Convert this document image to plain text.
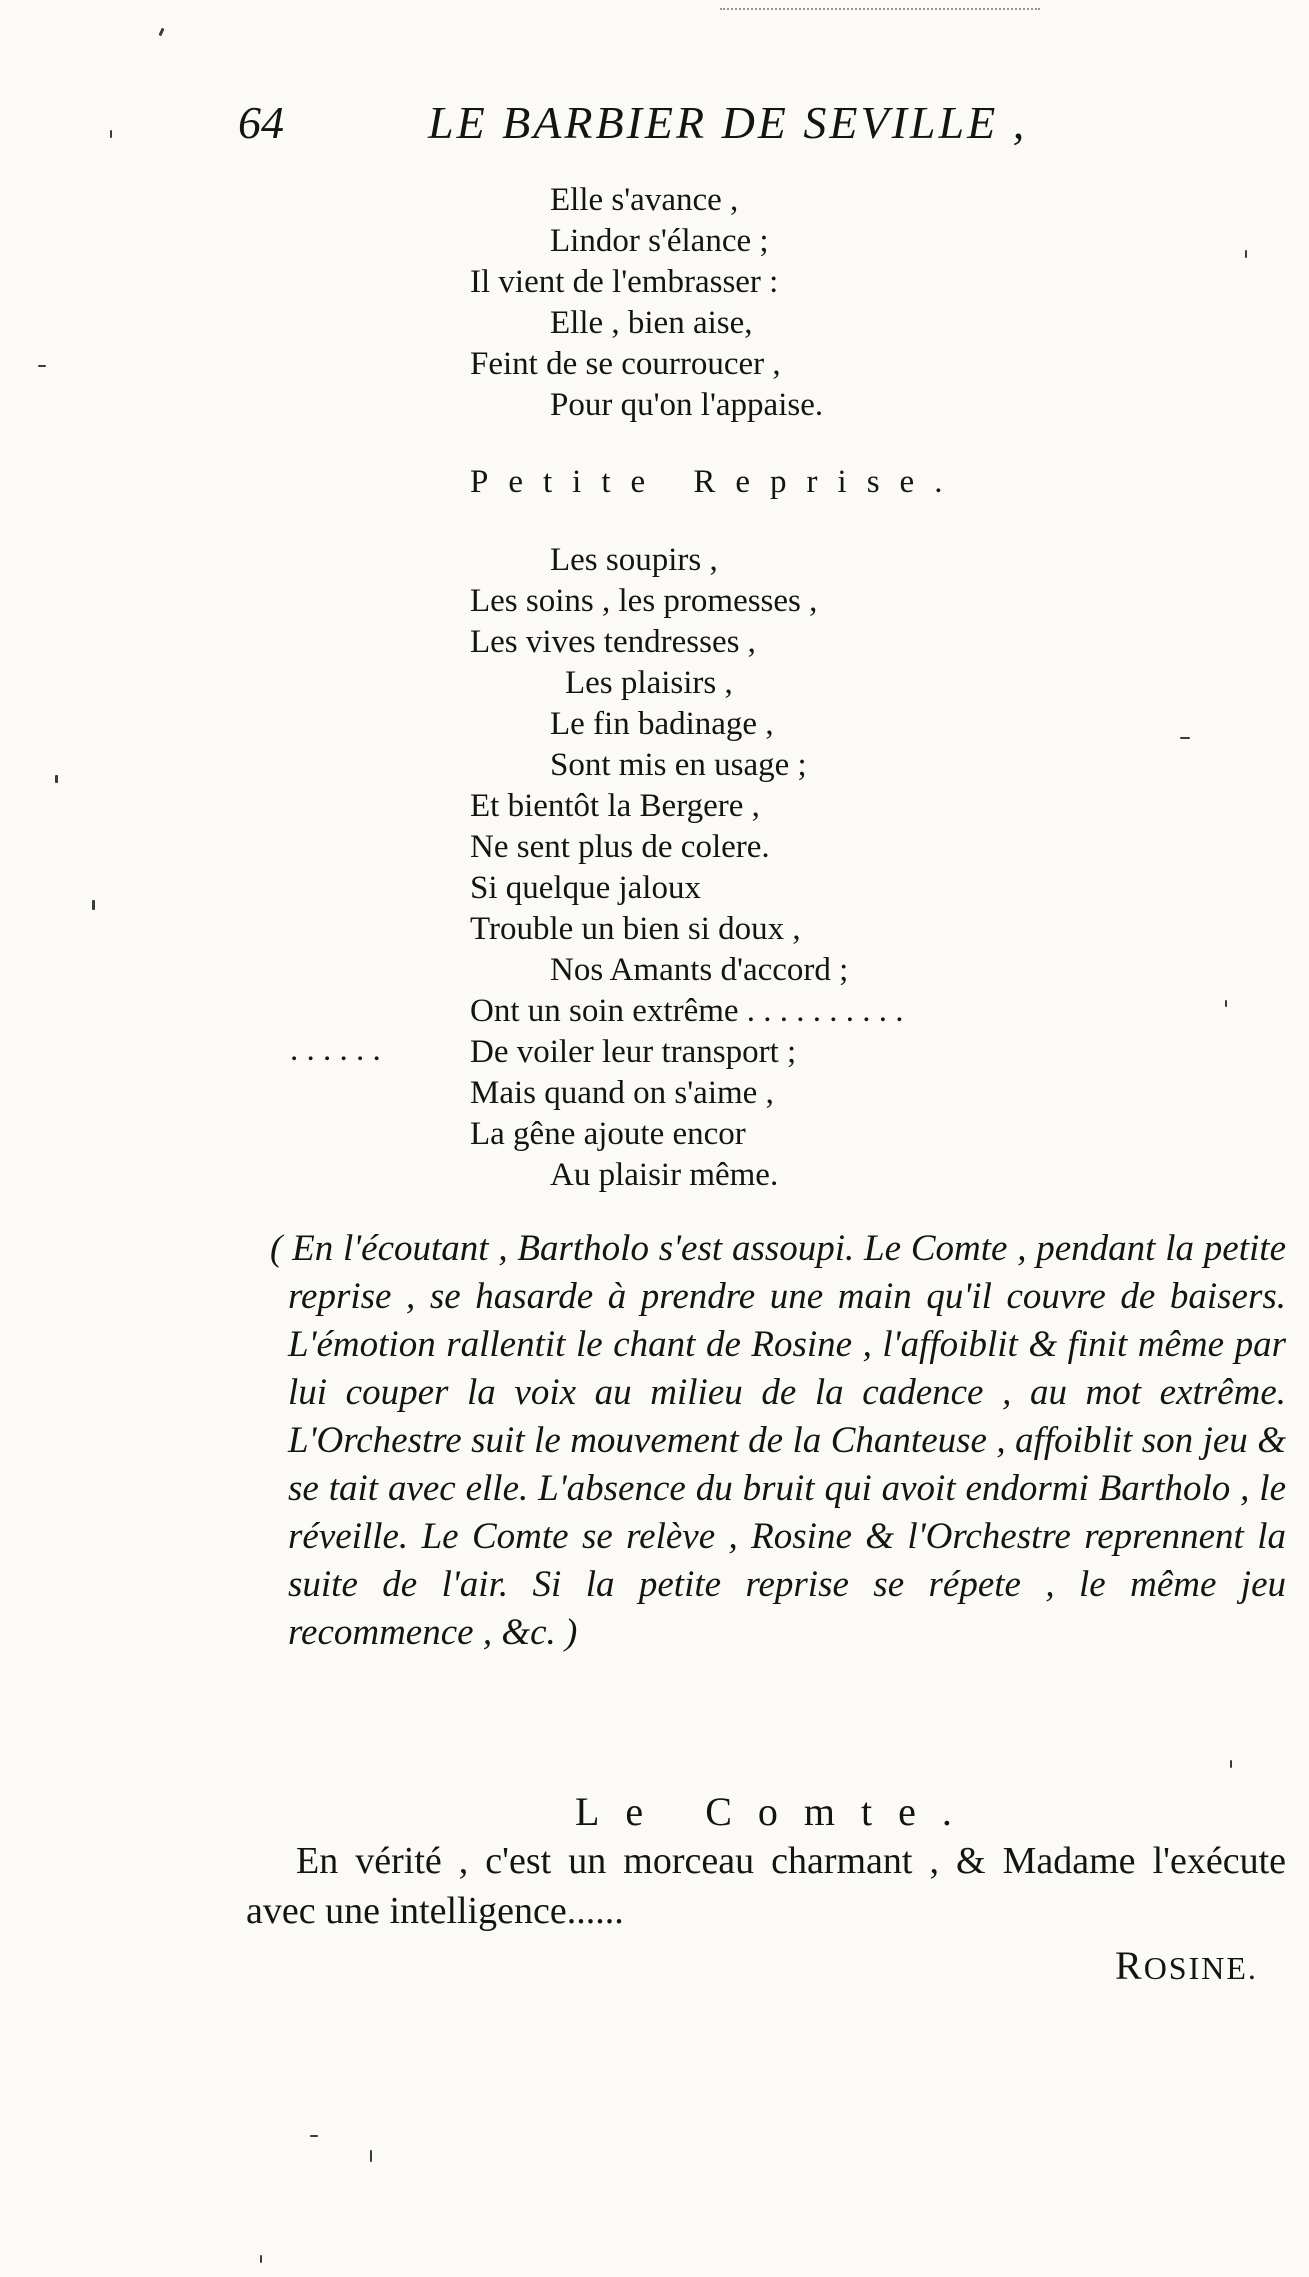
64	LE BARBIER DE SEVILLE ,
Elle s'avance ,
Lindor s'élance ;
Il vient de l'embrasser :
Elle , bien aise,
Feint de se courroucer ,
Pour qu'on l'appaise.
Petite Reprise.
Les soupirs ,
Les soins , les promesses ,
Les vives tendresses ,
Les plaisirs ,
Le fin badinage ,
Sont mis en usage ;
Et bientôt la Bergere ,
Ne sent plus de colere.
Si quelque jaloux
Trouble un bien si doux ,
Nos Amants d'accord ;
Ont un soin extrême . . . . . . . . . .
De voiler leur transport ;
Mais quand on s'aime ,
La gêne ajoute encor
Au plaisir même.
. . . . . .
( En l'écoutant , Bartholo s'est assoupi. Le Comte , pendant la petite reprise , se hasarde à prendre une main qu'il couvre de baisers. L'émotion rallentit le chant de Rosine , l'affoiblit & finit même par lui couper la voix au milieu de la cadence , au mot extrême. L'Orchestre suit le mouvement de la Chanteuse , affoiblit son jeu & se tait avec elle. L'absence du bruit qui avoit endormi Bartholo , le réveille. Le Comte se relève , Rosine & l'Orchestre reprennent la suite de l'air. Si la petite reprise se répete , le même jeu recommence , &c. )
Le Comte.
En vérité , c'est un morceau charmant , & Madame l'exécute avec une intelligence......
ROSINE.
